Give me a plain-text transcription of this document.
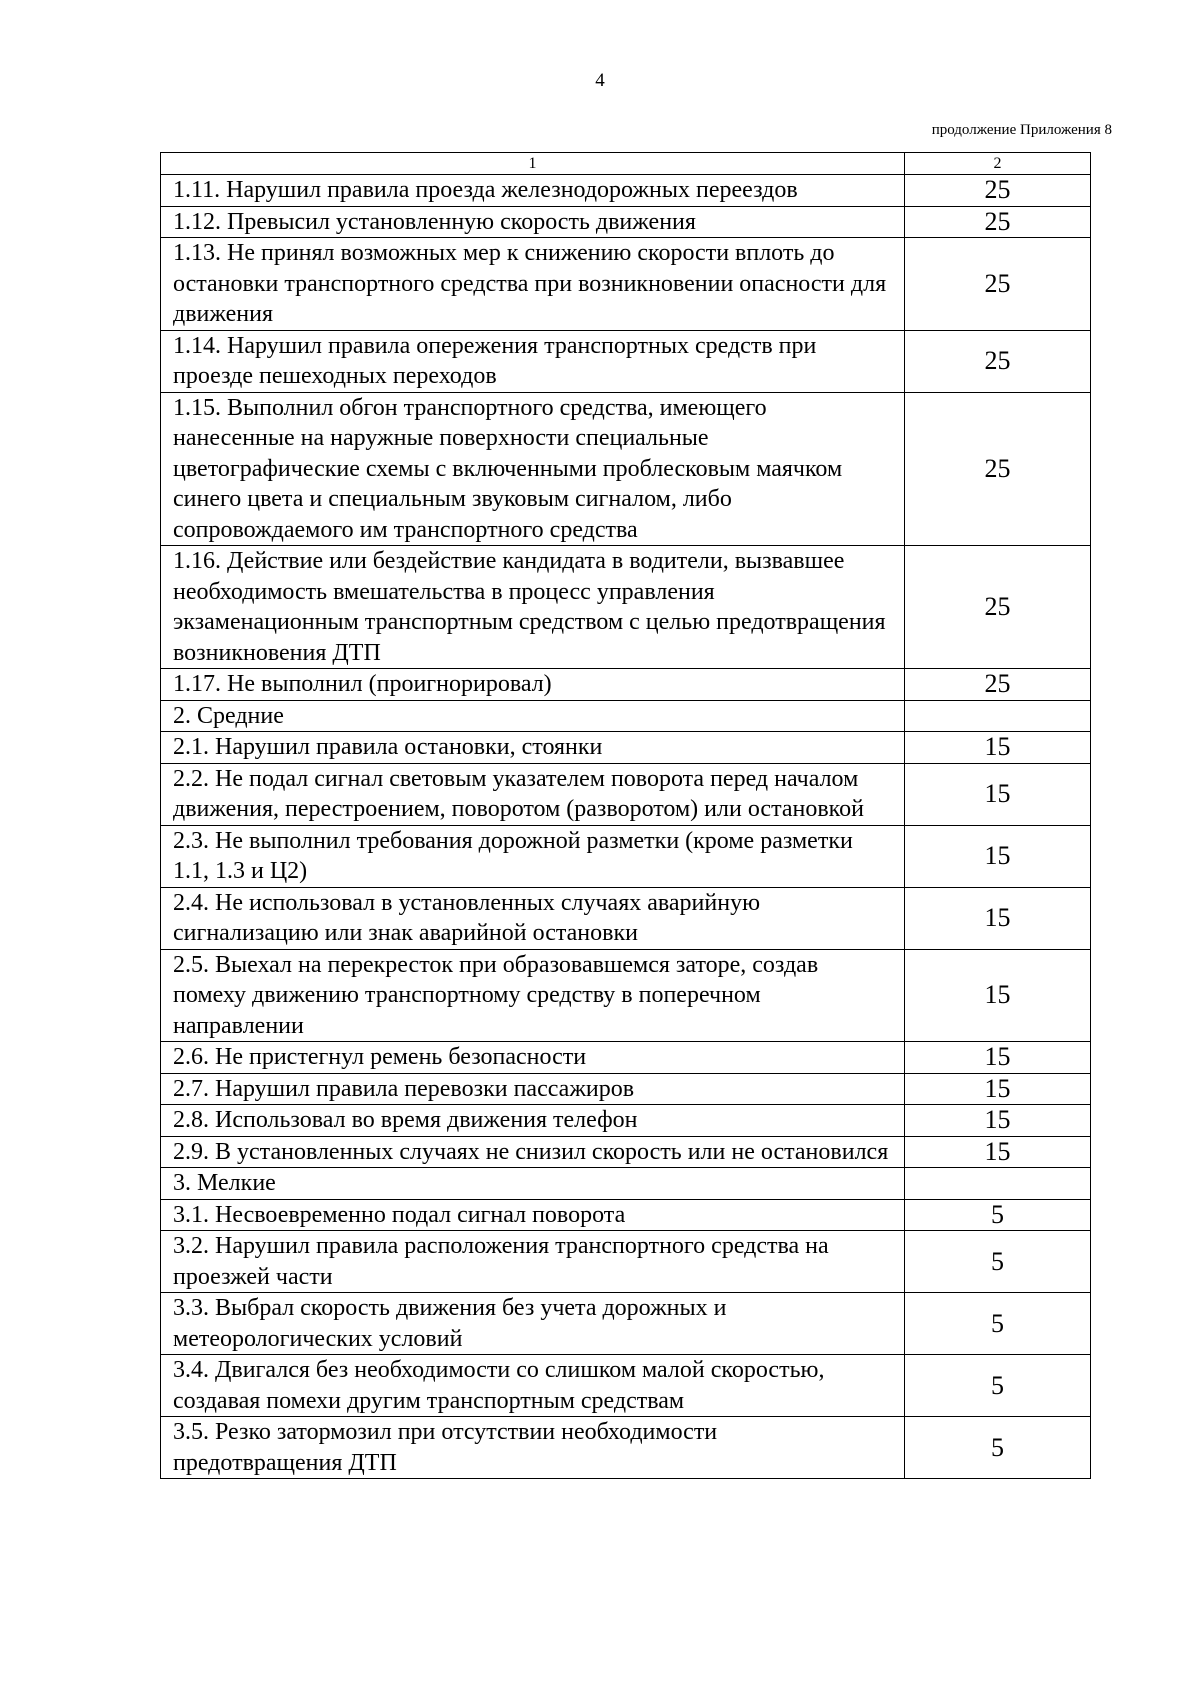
4
продолжение Приложения 8
1	2
1.11. Нарушил правила проезда железнодорожных переездов	25
1.12. Превысил установленную скорость движения	25
1.13. Не принял возможных мер к снижению скорости вплоть до остановки транспортного средства при возникновении опасности для движения	25
1.14. Нарушил правила опережения транспортных средств при проезде пешеходных переходов	25
1.15. Выполнил обгон транспортного средства, имеющего нанесенные на наружные поверхности специальные цветографические схемы с включенными проблесковым маячком синего цвета и специальным звуковым сигналом, либо сопровождаемого им транспортного средства	25
1.16. Действие или бездействие кандидата в водители, вызвавшее необходимость вмешательства в процесс управления экзаменационным транспортным средством с целью предотвращения возникновения ДТП	25
1.17. Не выполнил (проигнорировал)	25
2. Средние	
2.1. Нарушил правила остановки, стоянки	15
2.2. Не подал сигнал световым указателем поворота перед началом движения, перестроением, поворотом (разворотом) или остановкой	15
2.3. Не выполнил требования дорожной разметки (кроме разметки 1.1, 1.3 и Ц2)	15
2.4. Не использовал в установленных случаях аварийную сигнализацию или знак аварийной остановки	15
2.5. Выехал на перекресток при образовавшемся заторе, создав помеху движению транспортному средству в поперечном направлении	15
2.6. Не пристегнул ремень безопасности	15
2.7. Нарушил правила перевозки пассажиров	15
2.8. Использовал во время движения телефон	15
2.9. В установленных случаях не снизил скорость или не остановился	15
3. Мелкие	
3.1. Несвоевременно подал сигнал поворота	5
3.2. Нарушил правила расположения транспортного средства на проезжей части	5
3.3. Выбрал скорость движения без учета дорожных и метеорологических условий	5
3.4. Двигался без необходимости со слишком малой скоростью, создавая помехи другим транспортным средствам	5
3.5. Резко затормозил при отсутствии необходимости предотвращения ДТП	5
